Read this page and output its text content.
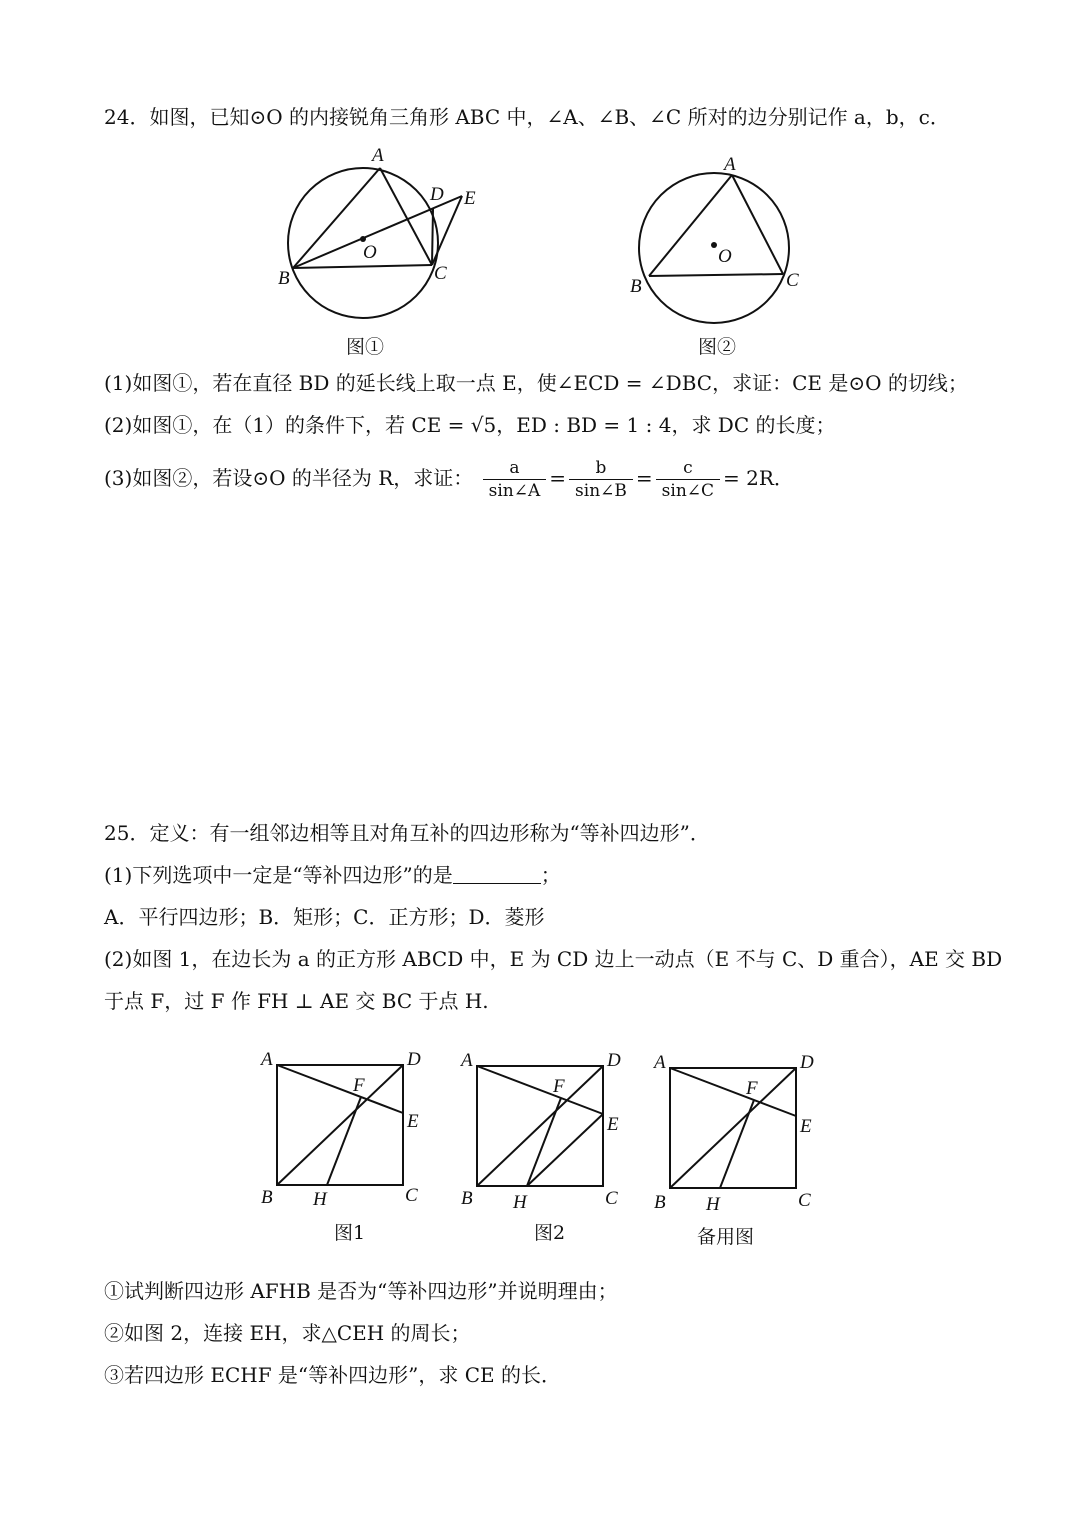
24．如图，已知⊙O 的内接锐角三角形 ABC 中，∠A、∠B、∠C 所对的边分别记作 a，b，c．
A
B	C
D E
O
图①
A
B	C
O
图②
(1)如图①，若在直径 BD 的延长线上取一点 E，使∠ECD = ∠DBC，求证：CE 是⊙O 的切线；
(2)如图①，在（1）的条件下，若 CE = √5，ED : BD = 1 : 4，求 DC 的长度；
(3)如图②，若设⊙O 的半径为 R，求证： $\frac{a}{\sin\angle A} = \frac{b}{\sin\angle B} = \frac{c}{\sin\angle C} = 2R$．
25．定义：有一组邻边相等且对角互补的四边形称为“等补四边形”．
(1)下列选项中一定是“等补四边形”的是	；
A．平行四边形；B．矩形；C．正方形；D．菱形
(2)如图 1，在边长为 a 的正方形 ABCD 中，E 为 CD 边上一动点（E 不与 C、D 重合），AE 交 BD
于点 F，过 F 作 FH ⊥ AE 交 BC 于点 H.
A	D
F
E
B H	C
图1
A	D
F
E
B H	C
图2
A	D
F
E
B H	C
备用图
①试判断四边形 AFHB 是否为“等补四边形”并说明理由；
②如图 2，连接 EH，求△CEH 的周长；
③若四边形 ECHF 是“等补四边形”，求 CE 的长．
